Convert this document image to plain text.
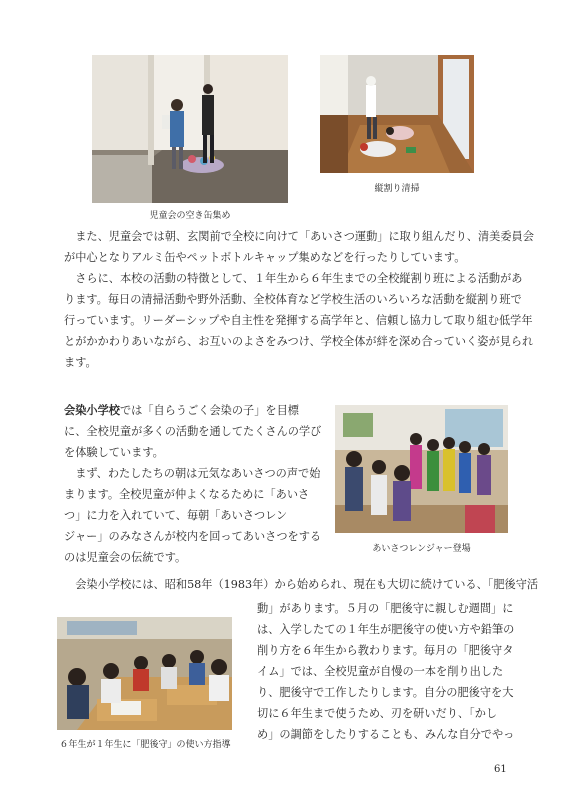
児童会の空き缶集め
縦割り清掃
　また、児童会では朝、玄関前で全校に向けて「あいさつ運動」に取り組んだり、清美委員会
が中心となりアルミ缶やペットボトルキャップ集めなどを行ったりしています。
　さらに、本校の活動の特徴として、１年生から６年生までの全校縦割り班による活動があ
ります。毎日の清掃活動や野外活動、全校体育など学校生活のいろいろな活動を縦割り班で
行っています。リーダーシップや自主性を発揮する高学年と、信頼し協力して取り組む低学年
とがかかわりあいながら、お互いのよさをみつけ、学校全体が絆を深め合っていく姿が見られ
ます。
会染小学校では「自らうごく会染の子」を目標
に、全校児童が多くの活動を通してたくさんの学び
を体験しています。
　まず、わたしたちの朝は元気なあいさつの声で始
まります。全校児童が仲よくなるために「あいさ
つ」に力を入れていて、毎朝「あいさつレン
ジャー」のみなさんが校内を回ってあいさつをする
のは児童会の伝統です。
あいさつレンジャー登場
　会染小学校には、昭和58年（1983年）から始められ、現在も大切に続けている、「肥後守活
６年生が１年生に「肥後守」の使い方指導
動」があります。５月の「肥後守に親しむ週間」に
は、入学したての１年生が肥後守の使い方や鉛筆の
削り方を６年生から教わります。毎月の「肥後守タ
イム」では、全校児童が自慢の一本を削り出した
り、肥後守で工作したりします。自分の肥後守を大
切に６年生まで使うため、刃を研いだり、「かし
め」の調節をしたりすることも、みんな自分でやっ
61
